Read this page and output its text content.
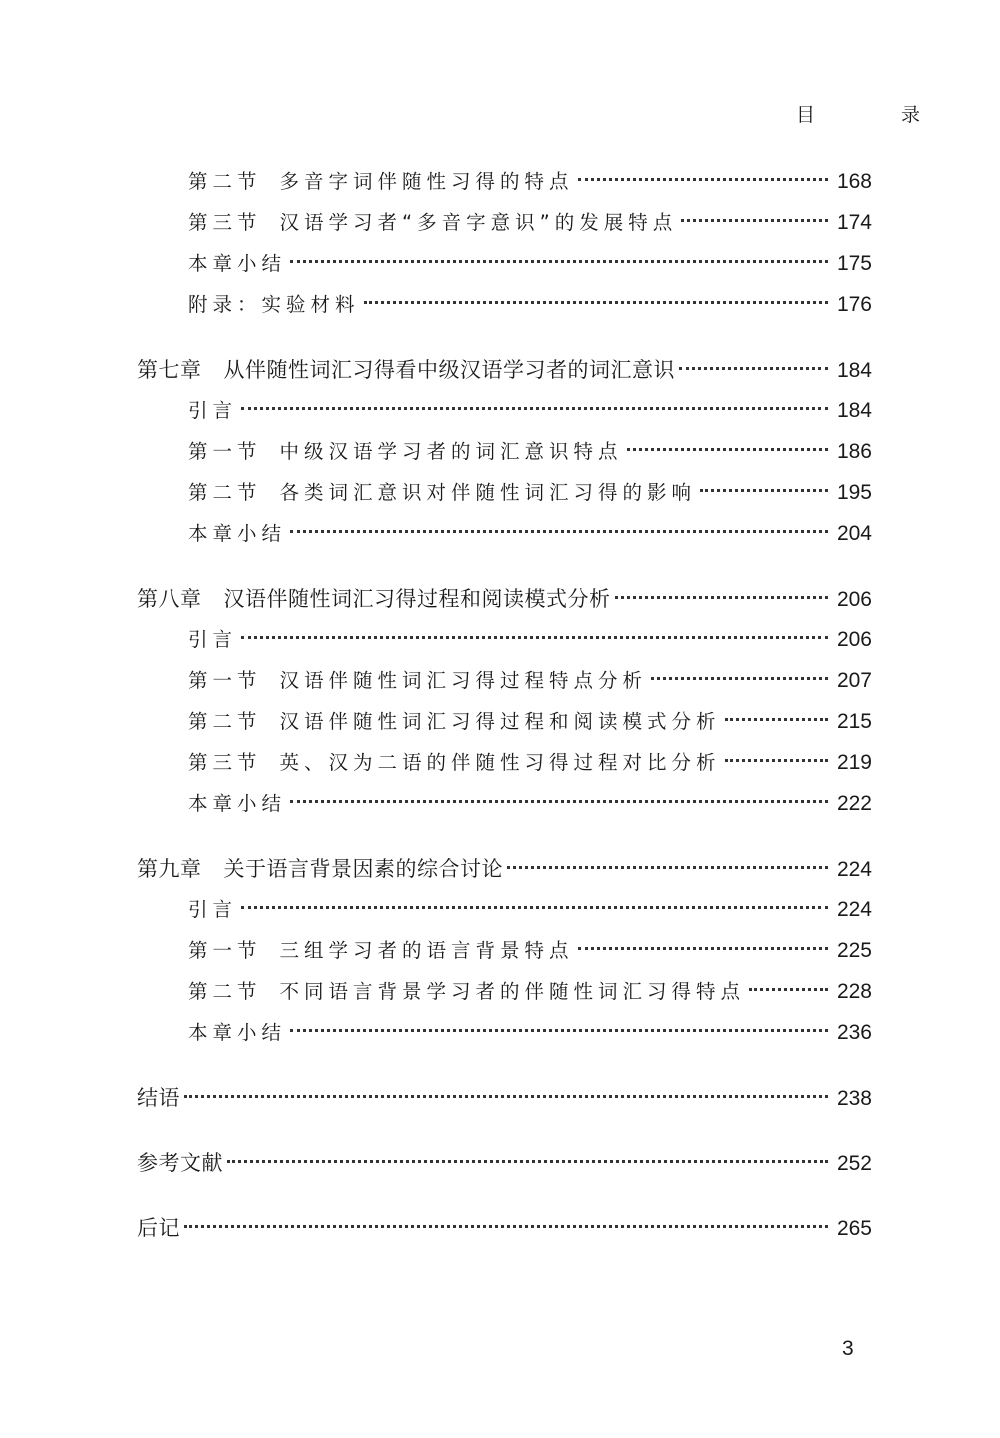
目 录
第二节 多音字词伴随性习得的特点	168
第三节 汉语学习者“多音字意识”的发展特点	174
本章小结	175
附录：实验材料	176
第七章 从伴随性词汇习得看中级汉语学习者的词汇意识	184
引言	184
第一节 中级汉语学习者的词汇意识特点	186
第二节 各类词汇意识对伴随性词汇习得的影响	195
本章小结	204
第八章 汉语伴随性词汇习得过程和阅读模式分析	206
引言	206
第一节 汉语伴随性词汇习得过程特点分析	207
第二节 汉语伴随性词汇习得过程和阅读模式分析	215
第三节 英、汉为二语的伴随性习得过程对比分析	219
本章小结	222
第九章 关于语言背景因素的综合讨论	224
引言	224
第一节 三组学习者的语言背景特点	225
第二节 不同语言背景学习者的伴随性词汇习得特点	228
本章小结	236
结语	238
参考文献	252
后记	265
3
